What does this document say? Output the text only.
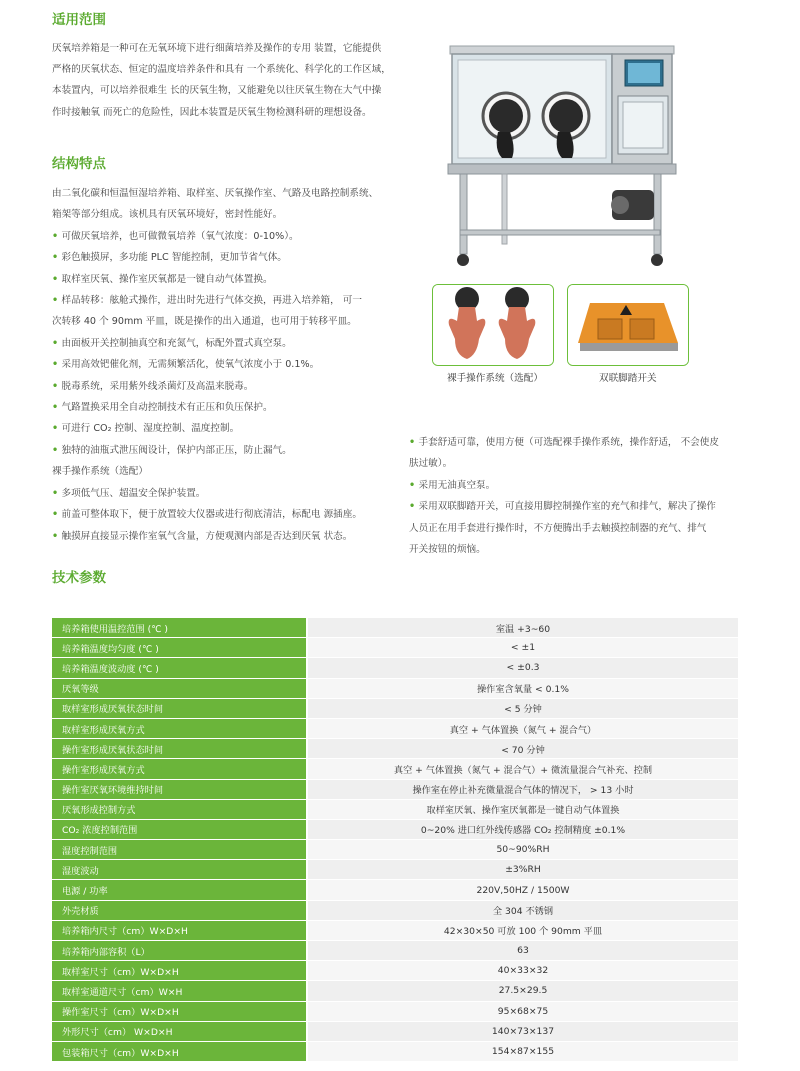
适用范围
厌氧培养箱是一种可在无氧环境下进行细菌培养及操作的专用 装置，它能提供
严格的厌氧状态、恒定的温度培养条件和具有 一个系统化、科学化的工作区域，
本装置内，可以培养很难生 长的厌氧生物，又能避免以往厌氧生物在大气中操
作时接触氧 而死亡的危险性，因此本装置是厌氧生物检测科研的理想设备。
结构特点

由二氧化碳和恒温恒湿培养箱、取样室、厌氧操作室、气路及电路控制系统、

箱架等部分组成。该机具有厌氧环境好，密封性能好。

• 可做厌氧培养，也可做微氧培养（氧气浓度：0-10%）。

• 彩色触摸屏，多功能 PLC 智能控制，更加节省气体。

• 取样室厌氧、操作室厌氧都是一键自动气体置换。

• 样品转移：舷舱式操作，进出时先进行气体交换，再进入培养箱， 可一

次转移 40 个 90mm 平皿，既是操作的出入通道，也可用于转移平皿。

• 由面板开关控制抽真空和充氮气，标配外置式真空泵。

• 采用高效钯催化剂，无需频繁活化，使氧气浓度小于 0.1%。

• 脱毒系统，采用紫外线杀菌灯及高温来脱毒。

• 气路置换采用全自动控制技术有正压和负压保护。

• 可进行 CO₂ 控制、湿度控制、温度控制。

• 独特的油瓶式泄压阀设计，保护内部正压，防止漏气。

裸手操作系统（选配）

• 多项低气压、超温安全保护装置。

• 前盖可整体取下，便于放置较大仪器或进行彻底清洁，标配电 源插座。

• 触摸屏直接显示操作室氧气含量，方便观测内部是否达到厌氧 状态。

• 手套舒适可靠，使用方便（可选配裸手操作系统，操作舒适， 不会使皮

肤过敏）。

• 采用无油真空泵。

• 采用双联脚踏开关，可直接用脚控制操作室的充气和排气，解决了操作

人员正在用手套进行操作时，不方便腾出手去触摸控制器的充气、排气

开关按钮的烦恼。

裸手操作系统（选配）	双联脚踏开关
技术参数
培养箱使用温控范围 (℃ )	室温 +3~60
培养箱温度均匀度 (℃ )	< ±1
培养箱温度波动度 (℃ )	< ±0.3
厌氧等级	操作室含氧量 < 0.1%
取样室形成厌氧状态时间	< 5 分钟
取样室形成厌氧方式	真空 + 气体置换（氮气 + 混合气）
操作室形成厌氧状态时间	< 70 分钟
操作室形成厌氧方式	真空 + 气体置换（氮气 + 混合气）+ 微流量混合气补充、控制
操作室厌氧环境维持时间	操作室在停止补充微量混合气体的情况下， > 13 小时
厌氧形成控制方式	取样室厌氧、操作室厌氧都是一键自动气体置换
CO₂ 浓度控制范围	0~20% 进口红外线传感器 CO₂ 控制精度 ±0.1%
湿度控制范围	50~90%RH
湿度波动	±3%RH
电源 / 功率	220V,50HZ / 1500W
外壳材质	全 304 不锈钢
培养箱内尺寸（cm）W×D×H	42×30×50 可放 100 个 90mm 平皿
培养箱内部容积（L）	63
取样室尺寸（cm）W×D×H	40×33×32
取样室通道尺寸（cm）W×H	27.5×29.5
操作室尺寸（cm）W×D×H	95×68×75
外形尺寸（cm） W×D×H	140×73×137
包装箱尺寸（cm）W×D×H	154×87×155
